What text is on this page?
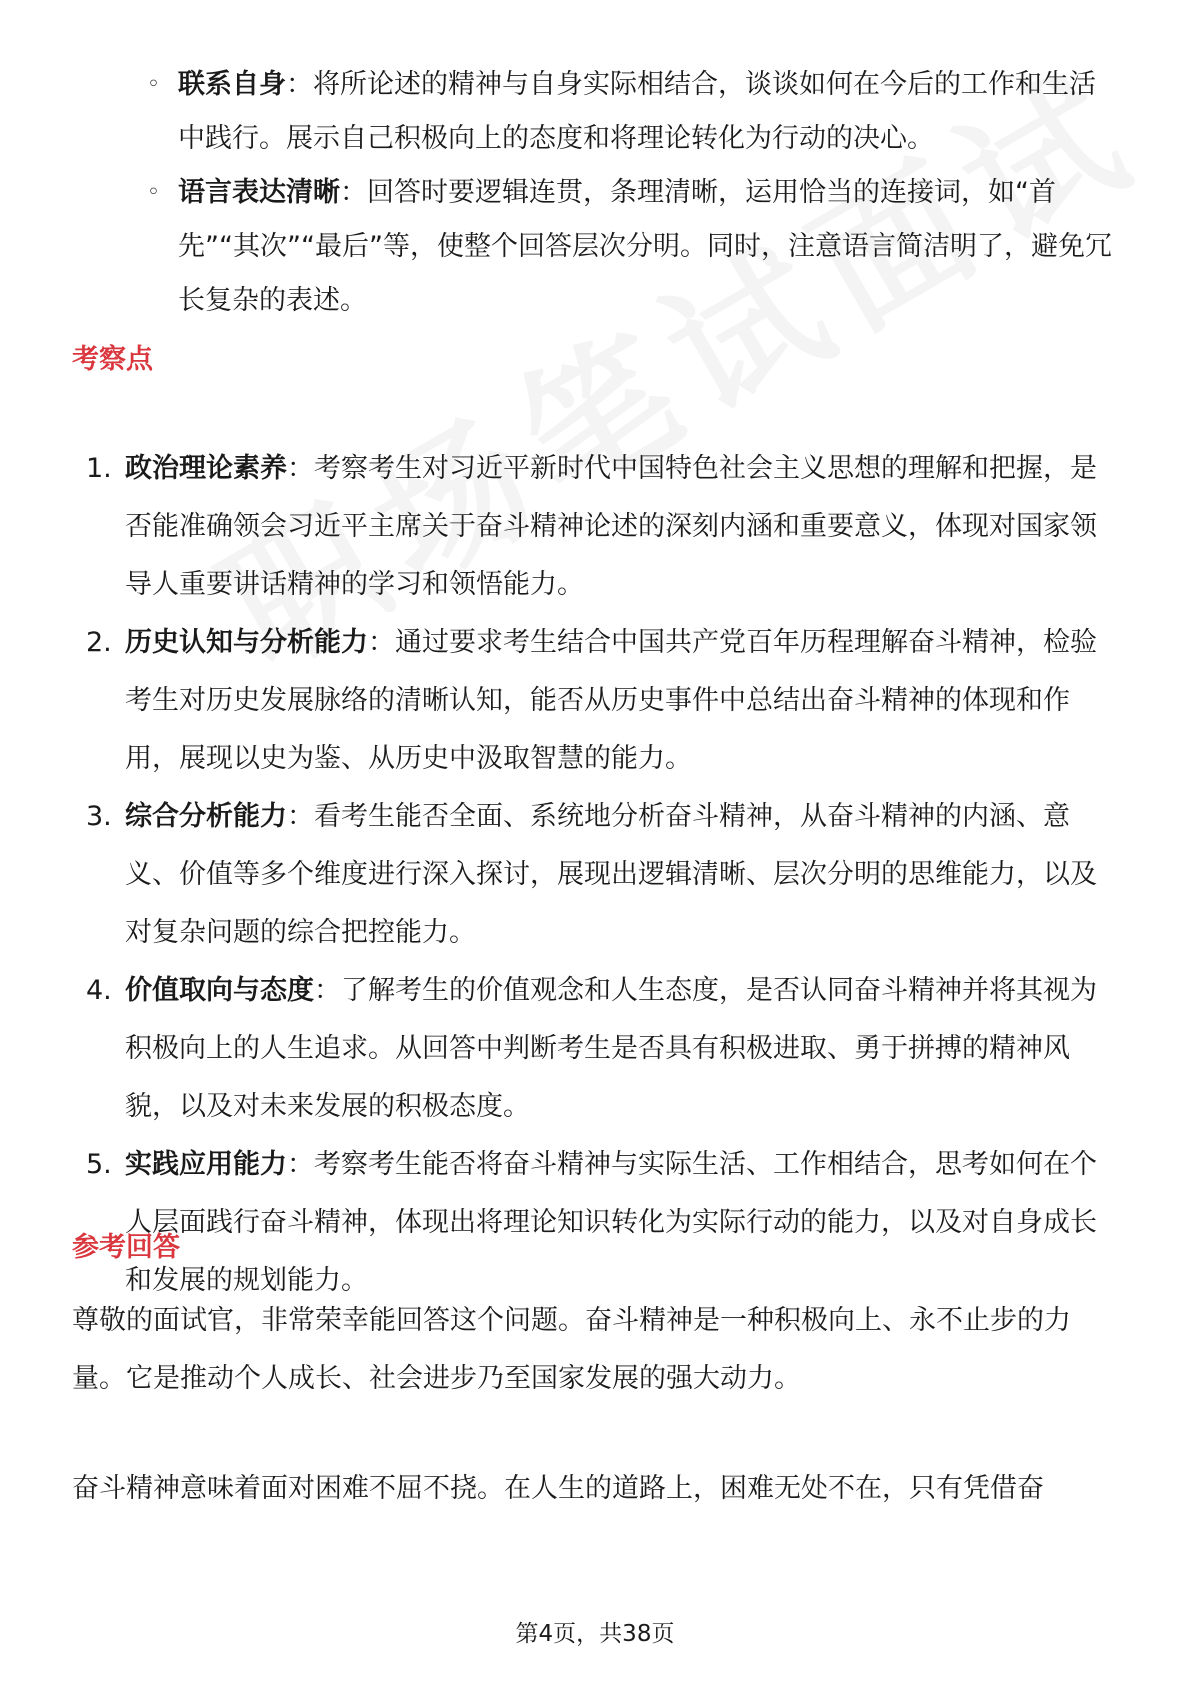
◦ 联系自身：将所论述的精神与自身实际相结合，谈谈如何在今后的工作和生活中践行。展示自己积极向上的态度和将理论转化为行动的决心。
◦ 语言表达清晰：回答时要逻辑连贯，条理清晰，运用恰当的连接词，如“首先”“其次”“最后”等，使整个回答层次分明。同时，注意语言简洁明了，避免冗长复杂的表述。
考察点
1. 政治理论素养：考察考生对习近平新时代中国特色社会主义思想的理解和把握，是否能准确领会习近平主席关于奋斗精神论述的深刻内涵和重要意义，体现对国家领导人重要讲话精神的学习和领悟能力。
2. 历史认知与分析能力：通过要求考生结合中国共产党百年历程理解奋斗精神，检验考生对历史发展脉络的清晰认知，能否从历史事件中总结出奋斗精神的体现和作用，展现以史为鉴、从历史中汲取智慧的能力。
3. 综合分析能力：看考生能否全面、系统地分析奋斗精神，从奋斗精神的内涵、意义、价值等多个维度进行深入探讨，展现出逻辑清晰、层次分明的思维能力，以及对复杂问题的综合把控能力。
4. 价值取向与态度：了解考生的价值观念和人生态度，是否认同奋斗精神并将其视为积极向上的人生追求。从回答中判断考生是否具有积极进取、勇于拼搏的精神风貌，以及对未来发展的积极态度。
5. 实践应用能力：考察考生能否将奋斗精神与实际生活、工作相结合，思考如何在个人层面践行奋斗精神，体现出将理论知识转化为实际行动的能力，以及对自身成长和发展的规划能力。
参考回答
尊敬的面试官，非常荣幸能回答这个问题。奋斗精神是一种积极向上、永不止步的力量。它是推动个人成长、社会进步乃至国家发展的强大动力。
奋斗精神意味着面对困难不屈不挠。在人生的道路上，困难无处不在，只有凭借奋
第4页，共38页
